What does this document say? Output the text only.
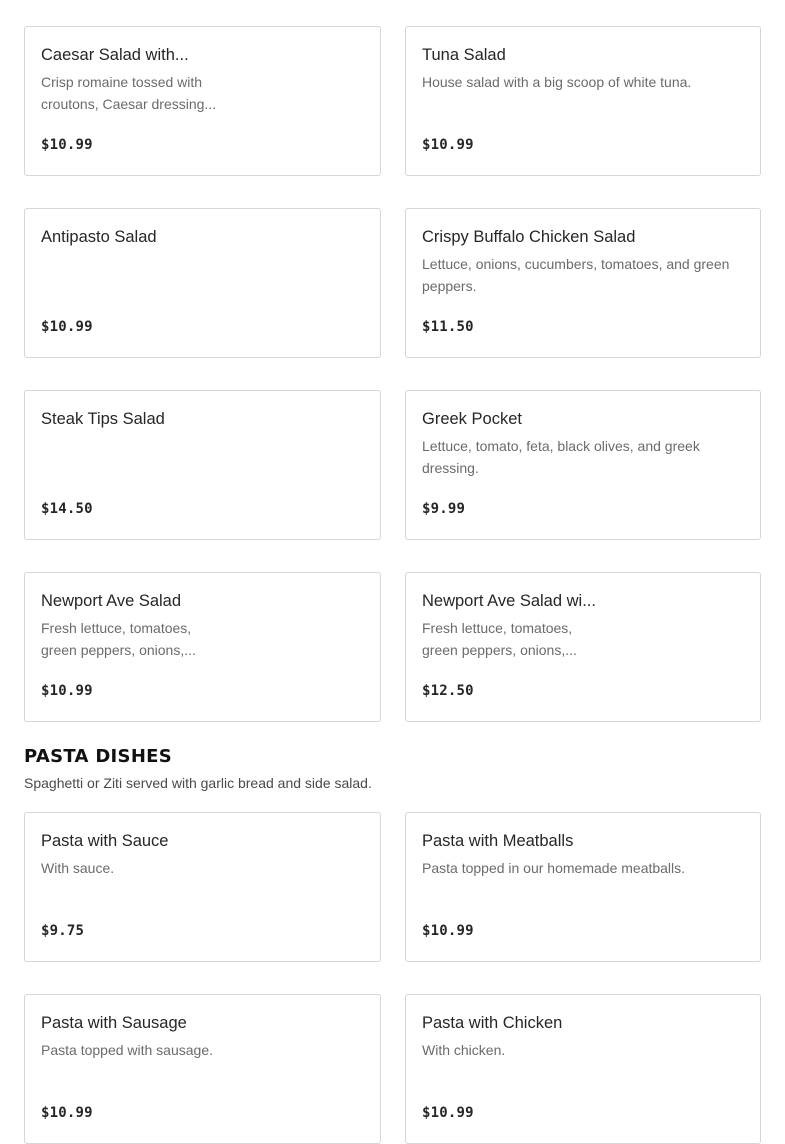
Caesar Salad with...
Crisp romaine tossed with croutons, Caesar dressing...
$10.99
Tuna Salad
House salad with a big scoop of white tuna.
$10.99
Antipasto Salad
$10.99
Crispy Buffalo Chicken Salad
Lettuce, onions, cucumbers, tomatoes, and green peppers.
$11.50
Steak Tips Salad
$14.50
Greek Pocket
Lettuce, tomato, feta, black olives, and greek dressing.
$9.99
Newport Ave Salad
Fresh lettuce, tomatoes, green peppers, onions,...
$10.99
Newport Ave Salad wi...
Fresh lettuce, tomatoes, green peppers, onions,...
$12.50
PASTA DISHES

Spaghetti or Ziti served with garlic bread and side salad.

Pasta with Sauce
With sauce.
$9.75
Pasta with Meatballs
Pasta topped in our homemade meatballs.
$10.99
Pasta with Sausage
Pasta topped with sausage.
$10.99
Pasta with Chicken
With chicken.
$10.99
